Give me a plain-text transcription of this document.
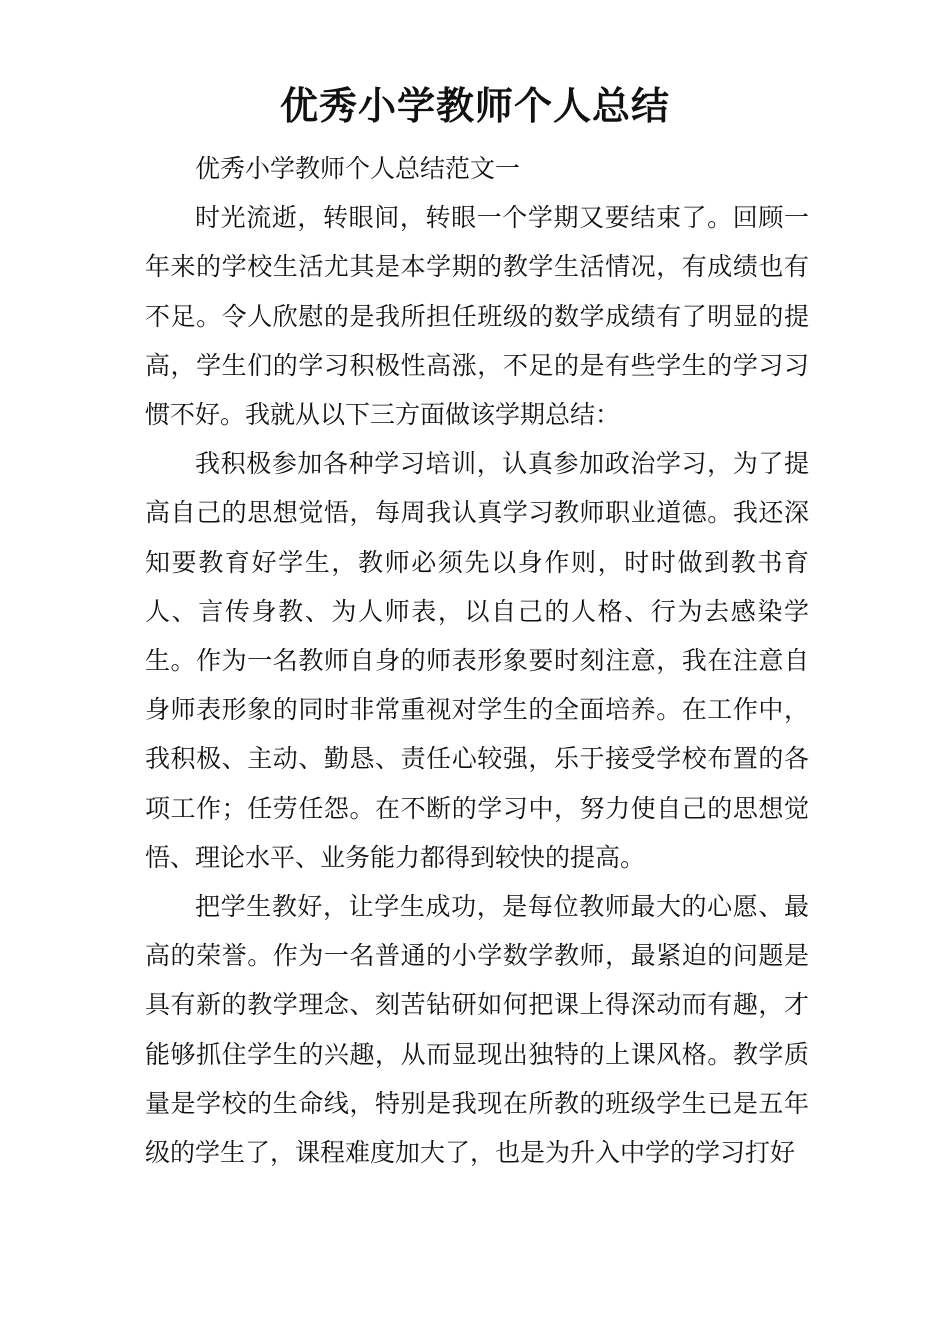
优秀小学教师个人总结

优秀小学教师个人总结范文一

时光流逝，转眼间，转眼一个学期又要结束了。回顾一年来的学校生活尤其是本学期的教学生活情况，有成绩也有不足。令人欣慰的是我所担任班级的数学成绩有了明显的提高，学生们的学习积极性高涨，不足的是有些学生的学习习惯不好。我就从以下三方面做该学期总结：

我积极参加各种学习培训，认真参加政治学习，为了提高自己的思想觉悟，每周我认真学习教师职业道德。我还深知要教育好学生，教师必须先以身作则，时时做到教书育人、言传身教、为人师表，以自己的人格、行为去感染学生。作为一名教师自身的师表形象要时刻注意，我在注意自身师表形象的同时非常重视对学生的全面培养。在工作中，我积极、主动、勤恳、责任心较强，乐于接受学校布置的各项工作；任劳任怨。在不断的学习中，努力使自己的思想觉悟、理论水平、业务能力都得到较快的提高。

把学生教好，让学生成功，是每位教师最大的心愿、最高的荣誉。作为一名普通的小学数学教师，最紧迫的问题是具有新的教学理念、刻苦钻研如何把课上得深动而有趣，才能够抓住学生的兴趣，从而显现出独特的上课风格。教学质量是学校的生命线，特别是我现在所教的班级学生已是五年级的学生了，课程难度加大了，也是为升入中学的学习打好
